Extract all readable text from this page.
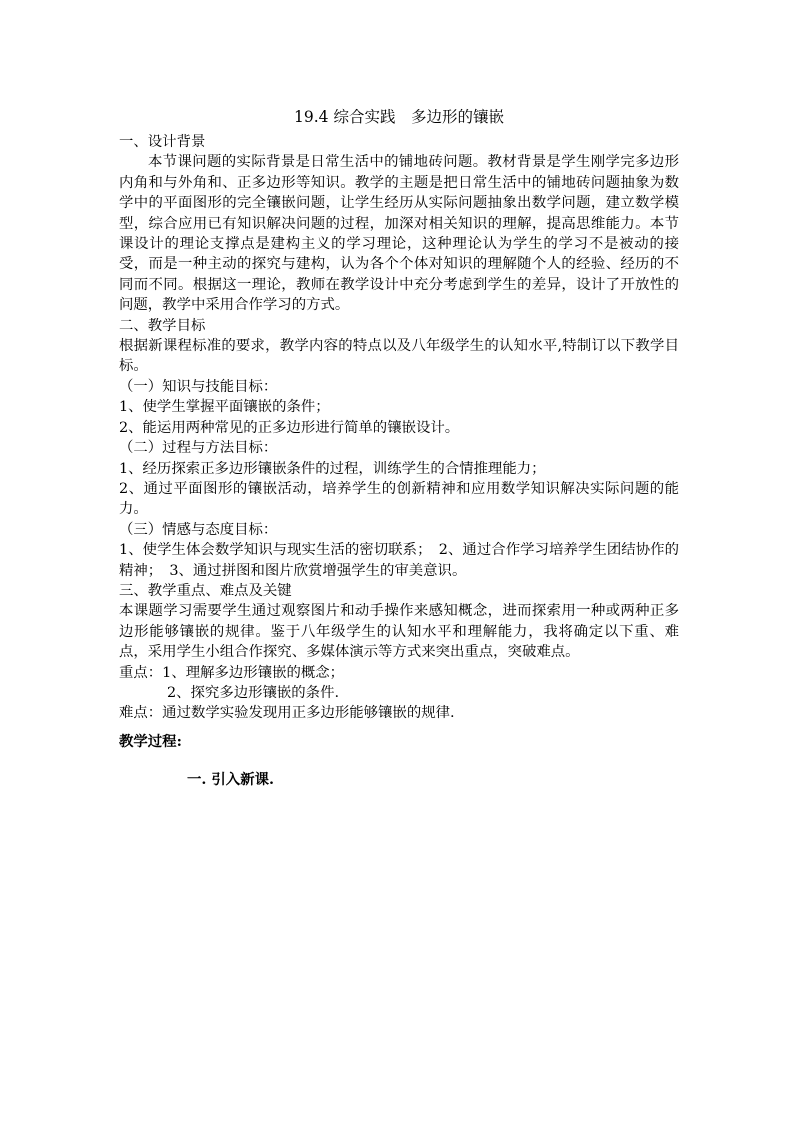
19.4 综合实践　多边形的镶嵌

一、设计背景

本节课问题的实际背景是日常生活中的铺地砖问题。教材背景是学生刚学完多边形内角和与外角和、正多边形等知识。教学的主题是把日常生活中的铺地砖问题抽象为数学中的平面图形的完全镶嵌问题，让学生经历从实际问题抽象出数学问题，建立数学模型，综合应用已有知识解决问题的过程，加深对相关知识的理解，提高思维能力。本节课设计的理论支撑点是建构主义的学习理论，这种理论认为学生的学习不是被动的接受，而是一种主动的探究与建构，认为各个个体对知识的理解随个人的经验、经历的不同而不同。根据这一理论，教师在教学设计中充分考虑到学生的差异，设计了开放性的问题，教学中采用合作学习的方式。

二、教学目标

根据新课程标准的要求，教学内容的特点以及八年级学生的认知水平,特制订以下教学目标。

（一）知识与技能目标：

1、使学生掌握平面镶嵌的条件；

2、能运用两种常见的正多边形进行简单的镶嵌设计。

（二）过程与方法目标：

1、经历探索正多边形镶嵌条件的过程，训练学生的合情推理能力；

2、通过平面图形的镶嵌活动，培养学生的创新精神和应用数学知识解决实际问题的能力。

（三）情感与态度目标：

1、使学生体会数学知识与现实生活的密切联系；　2、通过合作学习培养学生团结协作的精神；　3、通过拼图和图片欣赏增强学生的审美意识。

三、教学重点、难点及关键

本课题学习需要学生通过观察图片和动手操作来感知概念，进而探索用一种或两种正多边形能够镶嵌的规律。鉴于八年级学生的认知水平和理解能力，我将确定以下重、难点，采用学生小组合作探究、多媒体演示等方式来突出重点，突破难点。

重点：1、理解多边形镶嵌的概念；

2、探究多边形镶嵌的条件.

难点：通过数学实验发现用正多边形能够镶嵌的规律.

教学过程:

一. 引入新课.
